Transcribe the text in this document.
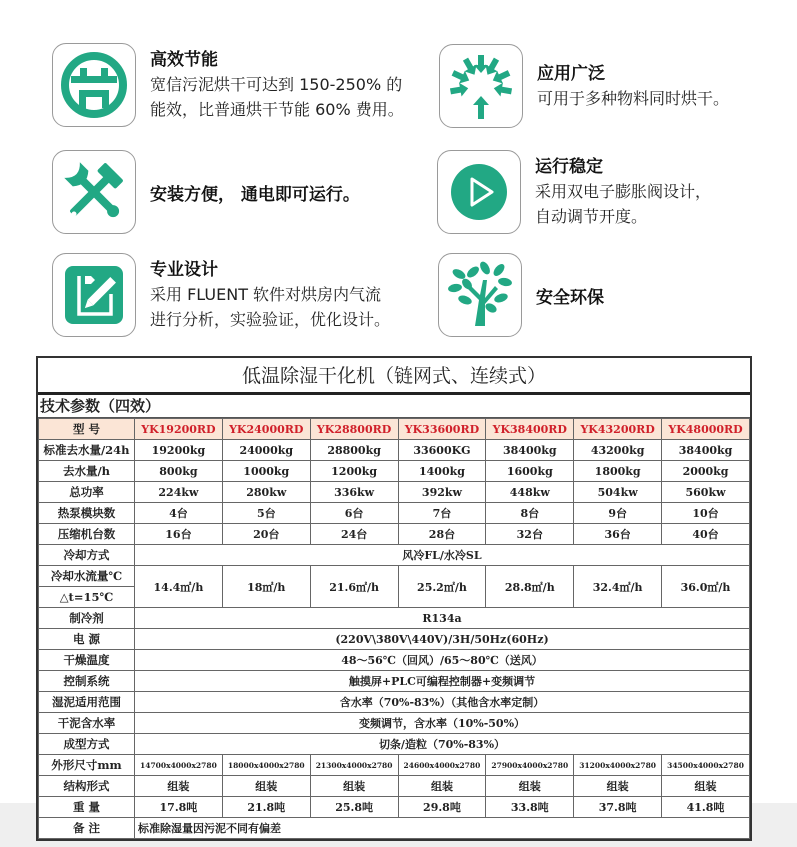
高效节能
宽信污泥烘干可达到 150-250% 的
能效，比普通烘干节能 60% 费用。
应用广泛
可用于多种物料同时烘干。
安装方便， 通电即可运行。
运行稳定
采用双电子膨胀阀设计，
自动调节开度。
专业设计
采用 FLUENT 软件对烘房内气流
进行分析，实验验证，优化设计。
安全环保
低温除湿干化机（链网式、连续式）
技术参数（四效）
型 号	YK19200RD	YK24000RD	YK28800RD	YK33600RD	YK38400RD	YK43200RD	YK48000RD
标准去水量/24h	19200kg	24000kg	28800kg	33600KG	38400kg	43200kg	38400kg
去水量/h	800kg	1000kg	1200kg	1400kg	1600kg	1800kg	2000kg
总功率	224kw	280kw	336kw	392kw	448kw	504kw	560kw
热泵模块数	4台	5台	6台	7台	8台	9台	10台
压缩机台数	16台	20台	24台	28台	32台	36台	40台
冷却方式	风冷FL/水冷SL						
冷却水流量℃	14.4㎡/h	18㎡/h	21.6㎡/h	25.2㎡/h	28.8㎡/h	32.4㎡/h	36.0㎡/h
△t=15℃							
制冷剂	R134a						
电 源	(220V\380V\440V)/3H/50Hz(60Hz)						
干燥温度	48～56℃（回风）/65～80℃（送风）						
控制系统	触摸屏+PLC可编程控制器+变频调节						
湿泥适用范围	含水率（70%-83%）（其他含水率定制）						
干泥含水率	变频调节，含水率（10%-50%）						
成型方式	切条/造粒（70%-83%）						
外形尺寸mm	14700x4000x2780	18000x4000x2780	21300x4000x2780	24600x4000x2780	27900x4000x2780	31200x4000x2780	34500x4000x2780
结构形式	组装	组装	组装	组装	组装	组装	组装
重 量	17.8吨	21.8吨	25.8吨	29.8吨	33.8吨	37.8吨	41.8吨
备 注	标准除湿量因污泥不同有偏差						
